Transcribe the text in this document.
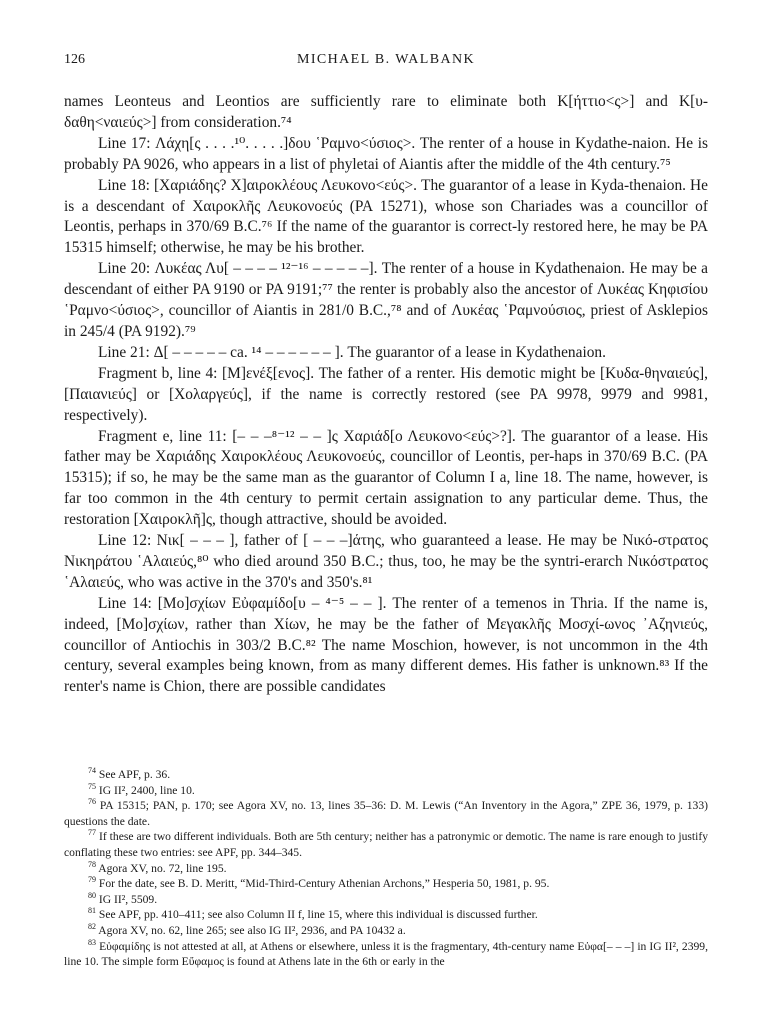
126	MICHAEL B. WALBANK

names Leonteus and Leontios are sufficiently rare to eliminate both Κ[ήττιο<ς>] and Κ[υ-δαθη<ναιεύς>] from consideration.⁷⁴

Line 17: Λάχη[ς . . . .¹⁰. . . . .]δου ῾Ραμνο<ύσιος>. The renter of a house in Kydathe-naion. He is probably PA 9026, who appears in a list of phyletai of Aiantis after the middle of the 4th century.⁷⁵

Line 18: [Χαριάδης? Χ]αιροκλέους Λευκονο<εύς>. The guarantor of a lease in Kyda-thenaion. He is a descendant of Χαιροκλῆς Λευκονοεύς (PA 15271), whose son Chariades was a councillor of Leontis, perhaps in 370/69 B.C.⁷⁶ If the name of the guarantor is correct-ly restored here, he may be PA 15315 himself; otherwise, he may be his brother.

Line 20: Λυκέας Λυ[ – – – – ¹²⁻¹⁶ – – – – –]. The renter of a house in Kydathenaion. He may be a descendant of either PA 9190 or PA 9191;⁷⁷ the renter is probably also the ancestor of Λυκέας Κηφισίου ῾Ραμνο<ύσιος>, councillor of Aiantis in 281/0 B.C.,⁷⁸ and of Λυκέας ῾Ραμνούσιος, priest of Asklepios in 245/4 (PA 9192).⁷⁹

Line 21: Δ[ – – – – – ca. ¹⁴ – – – – – – ]. The guarantor of a lease in Kydathenaion.

Fragment b, line 4: [Μ]ενέξ[ενος]. The father of a renter. His demotic might be [Κυδα-θηναιεύς], [Παιανιεύς] or [Χολαργεύς], if the name is correctly restored (see PA 9978, 9979 and 9981, respectively).

Fragment e, line 11: [– – –⁸⁻¹² – – ]ς Χαριάδ[ο Λευκονο<εύς>?]. The guarantor of a lease. His father may be Χαριάδης Χαιροκλέους Λευκονοεύς, councillor of Leontis, per-haps in 370/69 B.C. (PA 15315); if so, he may be the same man as the guarantor of Column I a, line 18. The name, however, is far too common in the 4th century to permit certain assignation to any particular deme. Thus, the restoration [Χαιροκλῆ]ς, though attractive, should be avoided.

Line 12: Νικ[ – – – ], father of [ – – –]άτης, who guaranteed a lease. He may be Νικό-στρατος Νικηράτου ῾Αλαιεύς,⁸⁰ who died around 350 B.C.; thus, too, he may be the syntri-erarch Νικόστρατος ῾Αλαιεύς, who was active in the 370's and 350's.⁸¹

Line 14: [Μο]σχίων Εὐφαμίδο[υ – ⁴⁻⁵ – – ]. The renter of a temenos in Thria. If the name is, indeed, [Μο]σχίων, rather than Χίων, he may be the father of Μεγακλῆς Μοσχί-ωνος ᾿Αζηνιεύς, councillor of Antiochis in 303/2 B.C.⁸² The name Moschion, however, is not uncommon in the 4th century, several examples being known, from as many different demes. His father is unknown.⁸³ If the renter's name is Chion, there are possible candidates

$^{74}$ See APF, p. 36.

$^{75}$ IG II², 2400, line 10.

$^{76}$ PA 15315; PAN, p. 170; see Agora XV, no. 13, lines 35–36: D. M. Lewis (“An Inventory in the Agora,” ZPE 36, 1979, p. 133) questions the date.

$^{77}$ If these are two different individuals. Both are 5th century; neither has a patronymic or demotic. The name is rare enough to justify conflating these two entries: see APF, pp. 344–345.

$^{78}$ Agora XV, no. 72, line 195.

$^{79}$ For the date, see B. D. Meritt, “Mid-Third-Century Athenian Archons,” Hesperia 50, 1981, p. 95.

$^{80}$ IG II², 5509.

$^{81}$ See APF, pp. 410–411; see also Column II f, line 15, where this individual is discussed further.

$^{82}$ Agora XV, no. 62, line 265; see also IG II², 2936, and PA 10432 a.

$^{83}$ Εὐφαμίδης is not attested at all, at Athens or elsewhere, unless it is the fragmentary, 4th-century name Εὐφα[– – –] in IG II², 2399, line 10. The simple form Εὔφαμος is found at Athens late in the 6th or early in the
